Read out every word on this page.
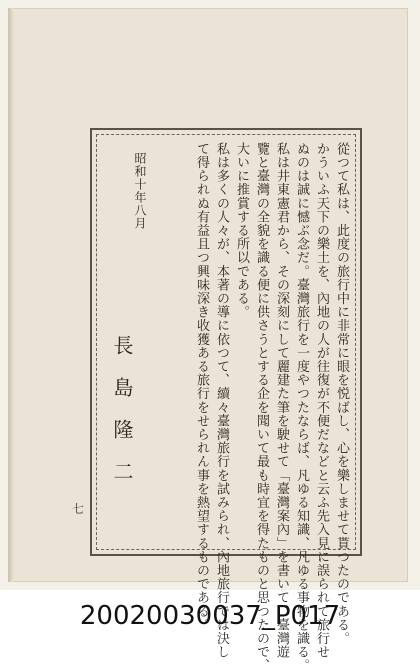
從つて私は、此度の旅行中に非常に眼を悦ばし、心を樂しませて貰つたのである。
かういふ天下の樂土を、內地の人が往復が不便だなどと云ふ先入見に誤られて旅行せ
ぬのは誠に憾ぶ念だ。臺灣旅行を一度やつたならば、凡ゆる知識、凡ゆる事物を識る。
私は井東憲君から、その深刻にして麗建た筆を駛せて「臺灣案內」を書いて、臺灣遊
覽と臺灣の全貌を識る便に供さうとする企を聞いて最も時宜を得たものと思つたので、
大いに推賞する所以である。
私は多くの人々が、本著の導に依つて、續々臺灣旅行を試みられ、內地旅行では決し
て得られぬ有益且つ興味深き收獲ある旅行をせられん事を熱望するものである。
長島隆二
昭和十年八月
七
20020030037_P017
